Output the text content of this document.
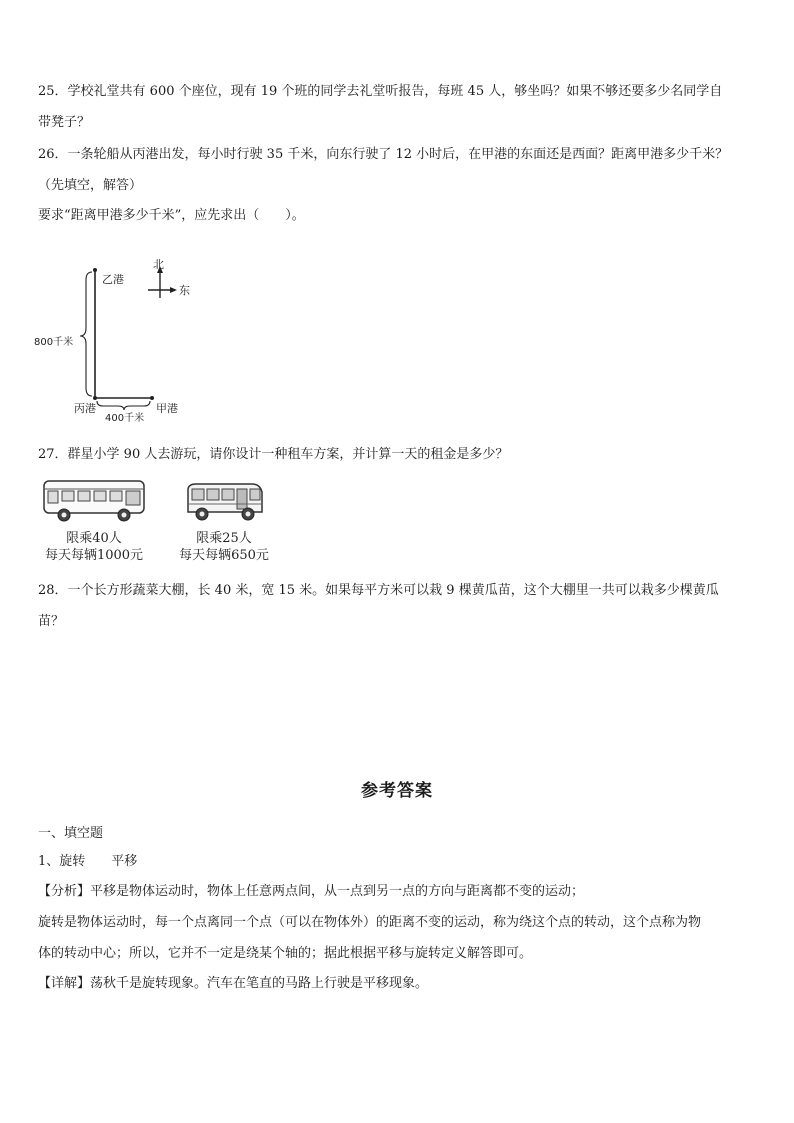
25．学校礼堂共有 600 个座位，现有 19 个班的同学去礼堂听报告，每班 45 人，够坐吗？如果不够还要多少名同学自
带凳子？
26．一条轮船从丙港出发，每小时行驶 35 千米，向东行驶了 12 小时后，在甲港的东面还是西面？距离甲港多少千米？
（先填空，解答）
要求“距离甲港多少千米”，应先求出（　　）。
北
东
乙港
800千米
丙港	甲港
400千米
27．群星小学 90 人去游玩，请你设计一种租车方案，并计算一天的租金是多少？
限乘40人
每天每辆1000元
限乘25人
每天每辆650元
28．一个长方形蔬菜大棚，长 40 米，宽 15 米。如果每平方米可以栽 9 棵黄瓜苗，这个大棚里一共可以栽多少棵黄瓜
苗？
参考答案
一、填空题
1、旋转　　平移
【分析】平移是物体运动时，物体上任意两点间，从一点到另一点的方向与距离都不变的运动；
旋转是物体运动时，每一个点离同一个点（可以在物体外）的距离不变的运动，称为绕这个点的转动，这个点称为物
体的转动中心；所以，它并不一定是绕某个轴的；据此根据平移与旋转定义解答即可。
【详解】荡秋千是旋转现象。汽车在笔直的马路上行驶是平移现象。
